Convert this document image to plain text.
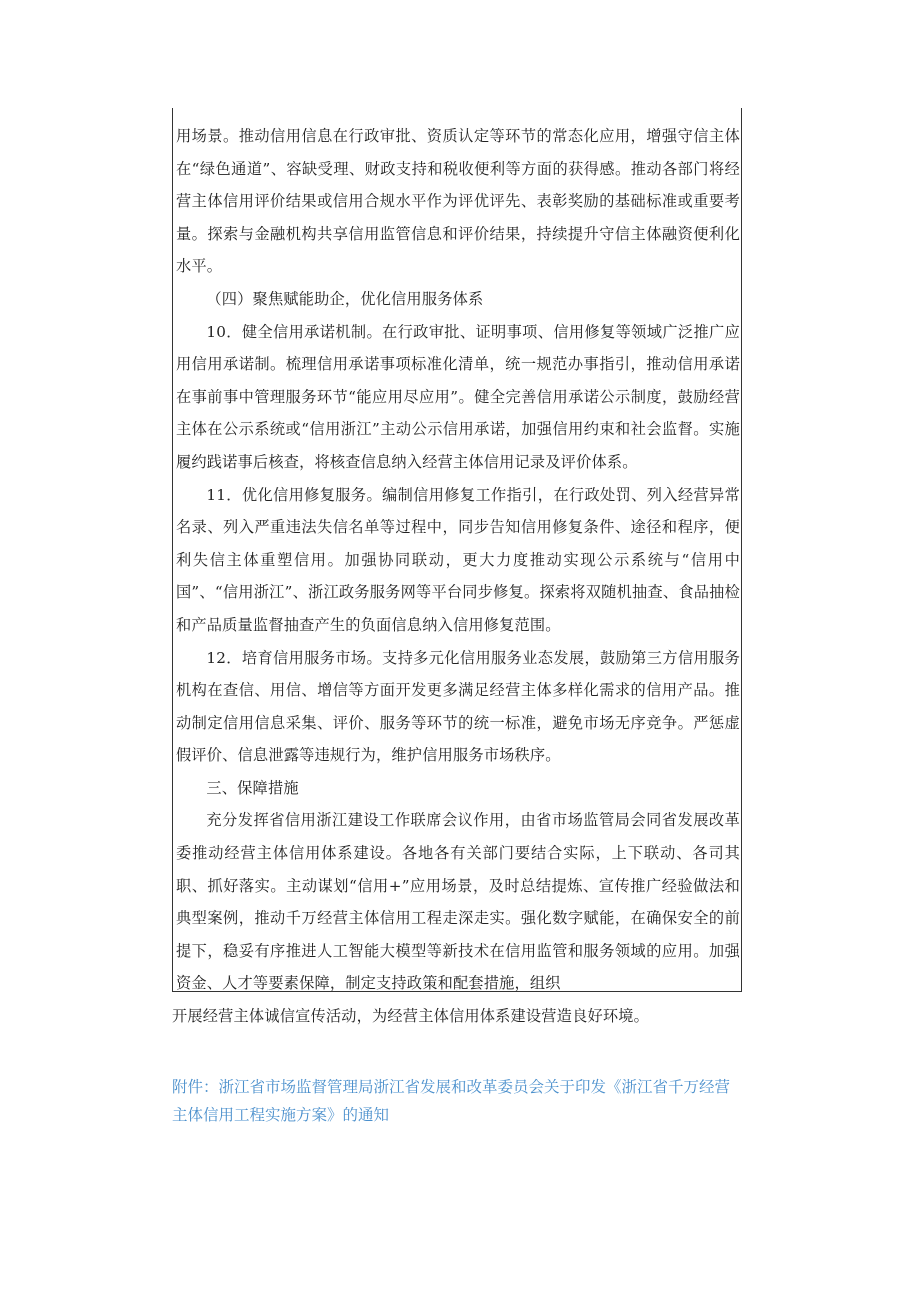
用场景。推动信用信息在行政审批、资质认定等环节的常态化应用，增强守信主体在“绿色通道”、容缺受理、财政支持和税收便利等方面的获得感。推动各部门将经营主体信用评价结果或信用合规水平作为评优评先、表彰奖励的基础标准或重要考量。探索与金融机构共享信用监管信息和评价结果，持续提升守信主体融资便利化水平。

（四）聚焦赋能助企，优化信用服务体系

10．健全信用承诺机制。在行政审批、证明事项、信用修复等领域广泛推广应用信用承诺制。梳理信用承诺事项标准化清单，统一规范办事指引，推动信用承诺在事前事中管理服务环节“能应用尽应用”。健全完善信用承诺公示制度，鼓励经营主体在公示系统或“信用浙江”主动公示信用承诺，加强信用约束和社会监督。实施履约践诺事后核查，将核查信息纳入经营主体信用记录及评价体系。

11．优化信用修复服务。编制信用修复工作指引，在行政处罚、列入经营异常名录、列入严重违法失信名单等过程中，同步告知信用修复条件、途径和程序，便利失信主体重塑信用。加强协同联动，更大力度推动实现公示系统与“信用中国”、“信用浙江”、浙江政务服务网等平台同步修复。探索将双随机抽查、食品抽检和产品质量监督抽查产生的负面信息纳入信用修复范围。

12．培育信用服务市场。支持多元化信用服务业态发展，鼓励第三方信用服务机构在查信、用信、增信等方面开发更多满足经营主体多样化需求的信用产品。推动制定信用信息采集、评价、服务等环节的统一标准，避免市场无序竞争。严惩虚假评价、信息泄露等违规行为，维护信用服务市场秩序。

三、保障措施

充分发挥省信用浙江建设工作联席会议作用，由省市场监管局会同省发展改革委推动经营主体信用体系建设。各地各有关部门要结合实际，上下联动、各司其职、抓好落实。主动谋划“信用+”应用场景，及时总结提炼、宣传推广经验做法和典型案例，推动千万经营主体信用工程走深走实。强化数字赋能，在确保安全的前提下，稳妥有序推进人工智能大模型等新技术在信用监管和服务领域的应用。加强资金、人才等要素保障，制定支持政策和配套措施，组织

开展经营主体诚信宣传活动，为经营主体信用体系建设营造良好环境。
附件：浙江省市场监督管理局浙江省发展和改革委员会关于印发《浙江省千万经营主体信用工程实施方案》的通知
